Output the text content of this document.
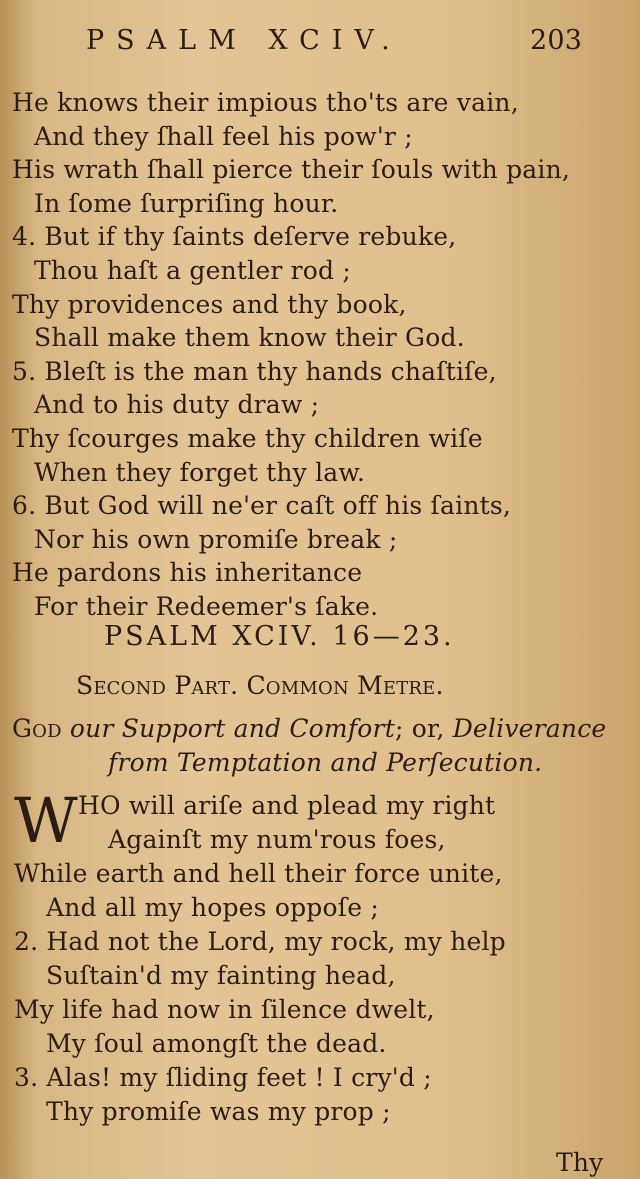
PSALM XCIV.	203
He knows their impious tho'ts are vain,
And they ſhall feel his pow'r ;
His wrath ſhall pierce their ſouls with pain,
In ſome ſurpriſing hour.
4. But if thy ſaints deſerve rebuke,
Thou haſt a gentler rod ;
Thy providences and thy book,
Shall make them know their God.
5. Bleſt is the man thy hands chaſtiſe,
And to his duty draw ;
Thy ſcourges make thy children wiſe
When they forget thy law.
6. But God will ne'er caſt off his ſaints,
Nor his own promiſe break ;
He pardons his inheritance
For their Redeemer's ſake.
PSALM XCIV. 16—23.
Second Part. Common Metre.
God our Support and Comfort; or, Deliverance
from Temptation and Perſecution.
W HO will ariſe and plead my right
Againſt my num'rous foes,
While earth and hell their force unite,
And all my hopes oppoſe ;
2. Had not the Lord, my rock, my help
Suſtain'd my fainting head,
My life had now in ſilence dwelt,
My ſoul amongſt the dead.
3. Alas! my ſliding feet ! I cry'd ;
Thy promiſe was my prop ;
Thy
